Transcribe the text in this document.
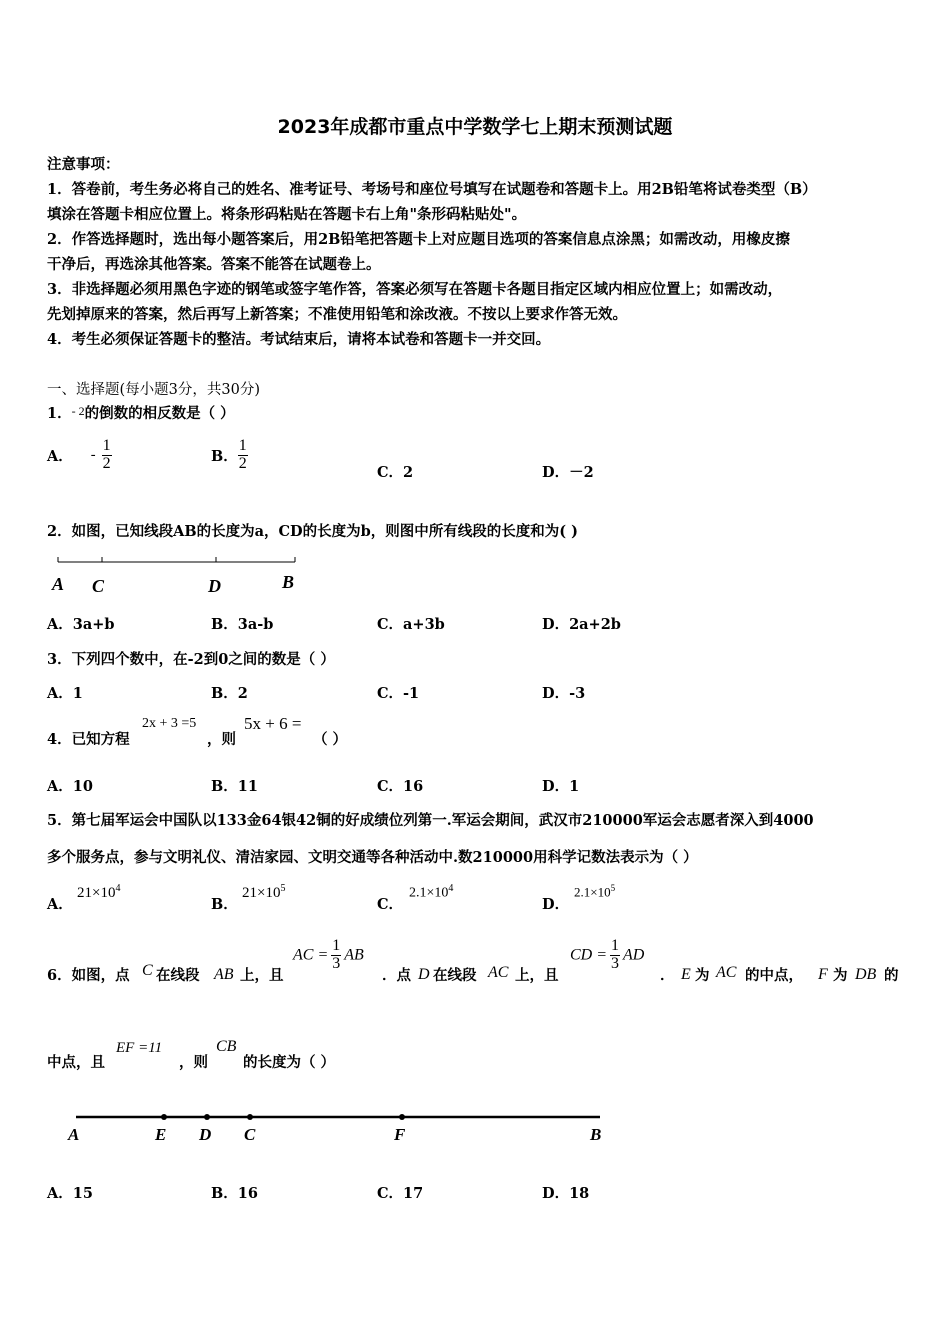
2023年成都市重点中学数学七上期末预测试题
注意事项：
1．答卷前，考生务必将自己的姓名、准考证号、考场号和座位号填写在试题卷和答题卡上。用2B铅笔将试卷类型（B）
填涂在答题卡相应位置上。将条形码粘贴在答题卡右上角"条形码粘贴处"。
2．作答选择题时，选出每小题答案后，用2B铅笔把答题卡上对应题目选项的答案信息点涂黑；如需改动，用橡皮擦
干净后，再选涂其他答案。答案不能答在试题卷上。
3．非选择题必须用黑色字迹的钢笔或签字笔作答，答案必须写在答题卡各题目指定区域内相应位置上；如需改动，
先划掉原来的答案，然后再写上新答案；不准使用铅笔和涂改液。不按以上要求作答无效。
4．考生必须保证答题卡的整洁。考试结束后，请将本试卷和答题卡一并交回。
一、选择题(每小题3分，共30分)
1．$^{- 2}$的倒数的相反数是（ ）
A． - $\frac{1}{2}$	B． $\frac{1}{2}$	C．2	D．－2
2．如图，已知线段AB的长度为a，CD的长度为b，则图中所有线段的长度和为( )
A C	D	B
A．3a+b	B．3a-b	C．a+3b	D．2a+2b
3．下列四个数中，在-2到0之间的数是（ ）
A．1	B．2	C．-1	D．-3
4．已知方程
2x + 3 =5
，则
5x + 6 =
（ ）
A．10	B．11	C．16	D．1
5．第七届军运会中国队以133金64银42铜的好成绩位列第一.军运会期间，武汉市210000军运会志愿者深入到4000
多个服务点，参与文明礼仪、清洁家园、文明交通等各种活动中.数210000用科学记数法表示为（ ）
A．
$21\times 10^4$
B．
$21\times 10^5$
C．
$2.1\times 10^4$
D．
$2.1\times 10^5$
6．如图，点 C 在线段 AB 上，且
AC = $\frac{1}{3}$ AB
．点 D 在线段 AC 上，且
CD = $\frac{1}{3}$ AD
． E 为 AC 的中点， F 为 DB 的
中点，且
EF =11
，则
CB
的长度为（ ）
A	E D C	F	B
A．15	B．16	C．17	D．18
